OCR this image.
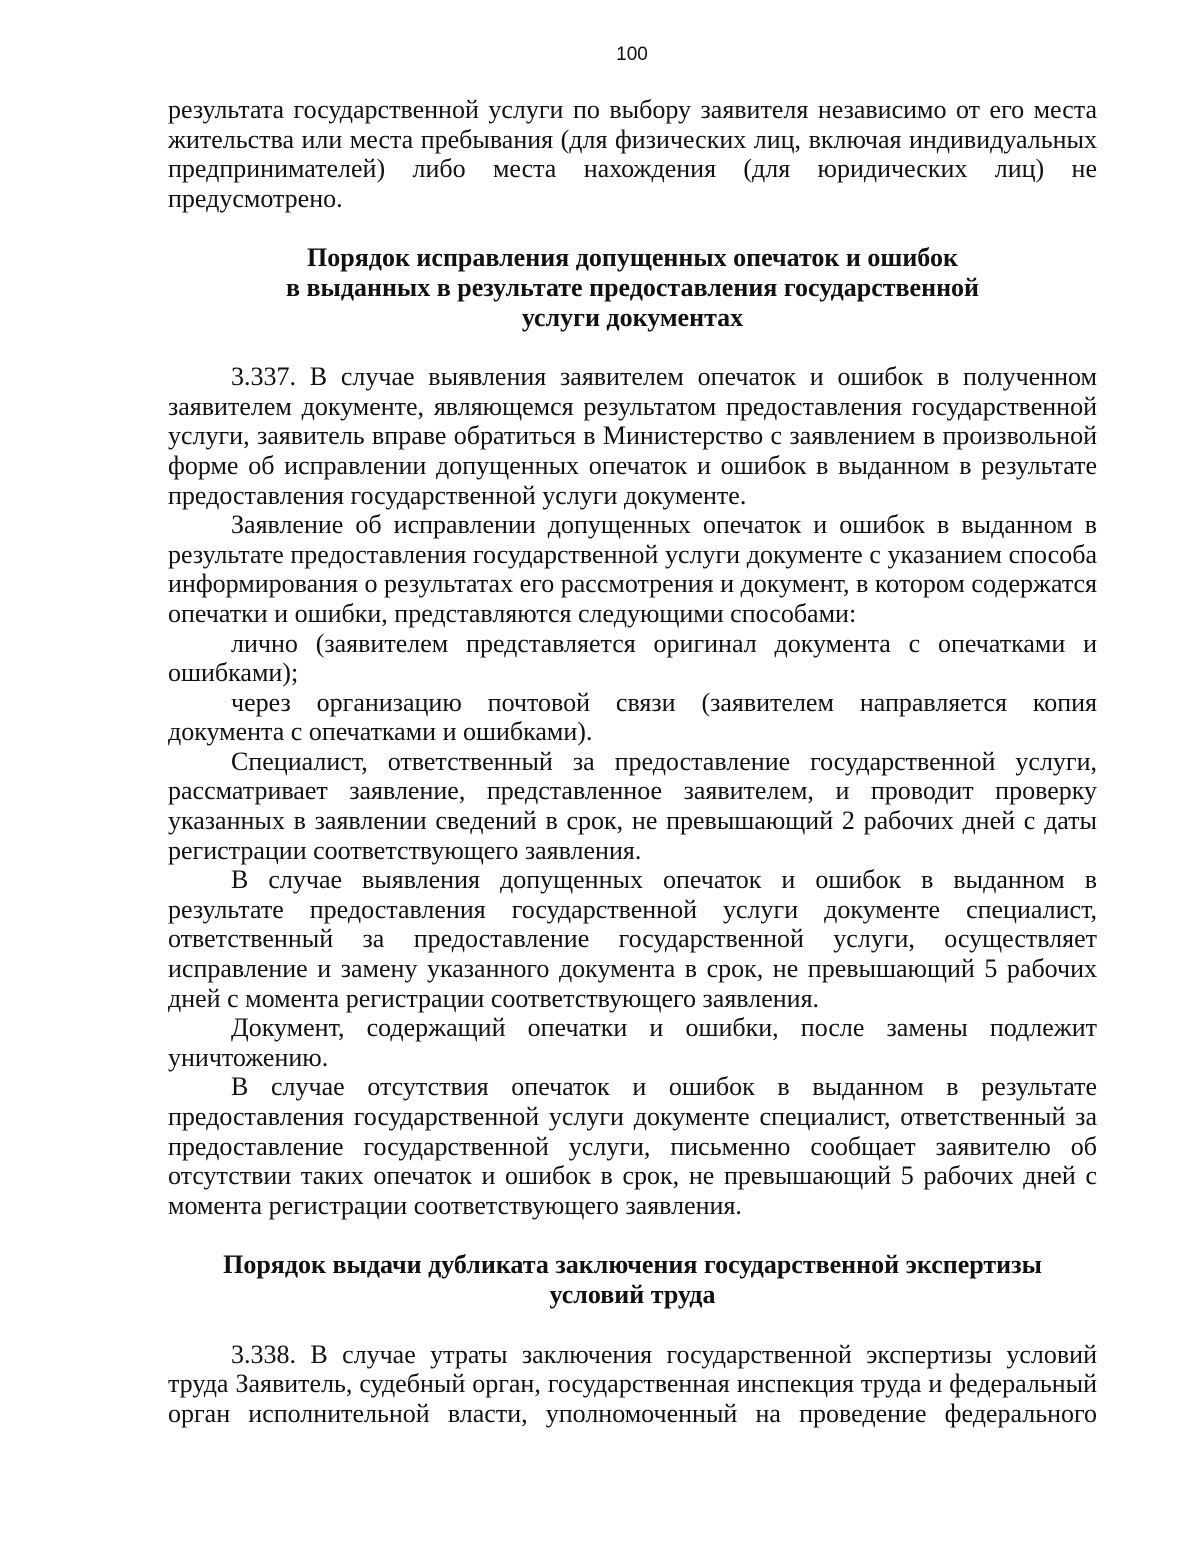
100

результата государственной услуги по выбору заявителя независимо от его места жительства или места пребывания (для физических лиц, включая индивидуальных предпринимателей) либо места нахождения (для юридических лиц) не предусмотрено.

Порядок исправления допущенных опечаток и ошибок
в выданных в результате предоставления государственной
услуги документах

3.337. В случае выявления заявителем опечаток и ошибок в полученном заявителем документе, являющемся результатом предоставления государственной услуги, заявитель вправе обратиться в Министерство с заявлением в произвольной форме об исправлении допущенных опечаток и ошибок в выданном в результате предоставления государственной услуги документе.

Заявление об исправлении допущенных опечаток и ошибок в выданном в результате предоставления государственной услуги документе с указанием способа информирования о результатах его рассмотрения и документ, в котором содержатся опечатки и ошибки, представляются следующими способами:

лично (заявителем представляется оригинал документа с опечатками и ошибками);

через организацию почтовой связи (заявителем направляется копия документа с опечатками и ошибками).

Специалист, ответственный за предоставление государственной услуги, рассматривает заявление, представленное заявителем, и проводит проверку указанных в заявлении сведений в срок, не превышающий 2 рабочих дней с даты регистрации соответствующего заявления.

В случае выявления допущенных опечаток и ошибок в выданном в результате предоставления государственной услуги документе специалист, ответственный за предоставление государственной услуги, осуществляет исправление и замену указанного документа в срок, не превышающий 5 рабочих дней с момента регистрации соответствующего заявления.

Документ, содержащий опечатки и ошибки, после замены подлежит уничтожению.

В случае отсутствия опечаток и ошибок в выданном в результате предоставления государственной услуги документе специалист, ответственный за предоставление государственной услуги, письменно сообщает заявителю об отсутствии таких опечаток и ошибок в срок, не превышающий 5 рабочих дней с момента регистрации соответствующего заявления.

Порядок выдачи дубликата заключения государственной экспертизы
условий труда

3.338. В случае утраты заключения государственной экспертизы условий труда Заявитель, судебный орган, государственная инспекция труда и федеральный орган исполнительной власти, уполномоченный на проведение федерального
